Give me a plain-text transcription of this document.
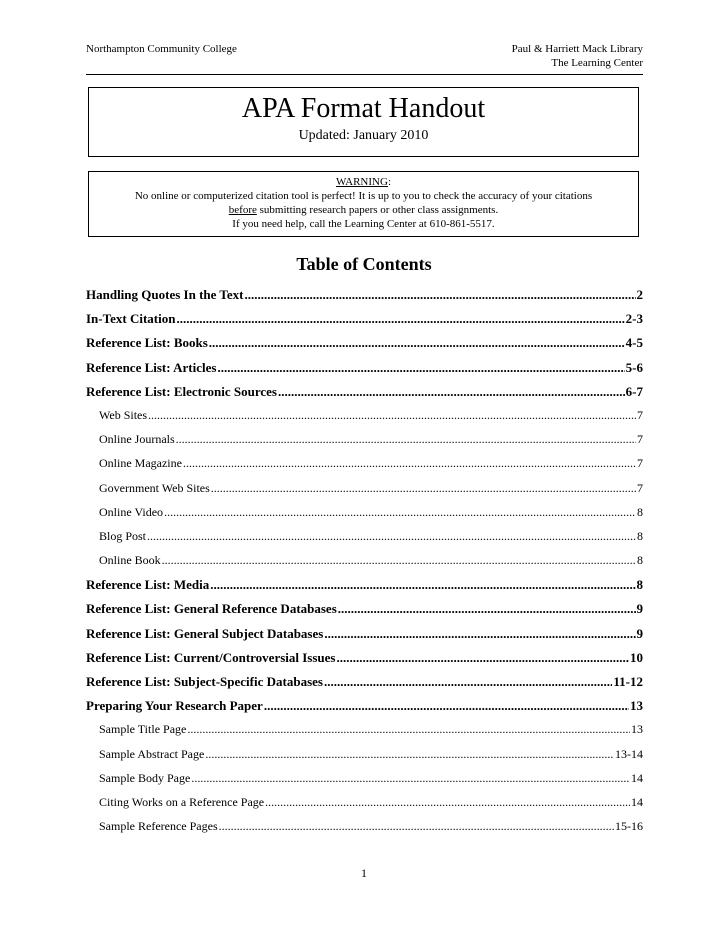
Northampton Community College	Paul & Harriett Mack Library
The Learning Center
APA Format Handout
Updated: January 2010
WARNING:
No online or computerized citation tool is perfect! It is up to you to check the accuracy of your citations
before submitting research papers or other class assignments.
If you need help, call the Learning Center at 610-861-5517.
Table of Contents
Handling Quotes In the Text .....	2
In-Text Citation .....	2-3
Reference List: Books .....	4-5
Reference List: Articles .....	5-6
Reference List: Electronic Sources .....	6-7
Web Sites .....	7
Online Journals .....	7
Online Magazine .....	7
Government Web Sites .....	7
Online Video .....	8
Blog Post .....	8
Online Book .....	8
Reference List: Media .....	8
Reference List: General Reference Databases .....	9
Reference List: General Subject Databases .....	9
Reference List: Current/Controversial Issues .....	10
Reference List: Subject-Specific Databases .....	11-12
Preparing Your Research Paper .....	13
Sample Title Page .....	13
Sample Abstract Page .....	13-14
Sample Body Page .....	14
Citing Works on a Reference Page .....	14
Sample Reference Pages .....	15-16
1
